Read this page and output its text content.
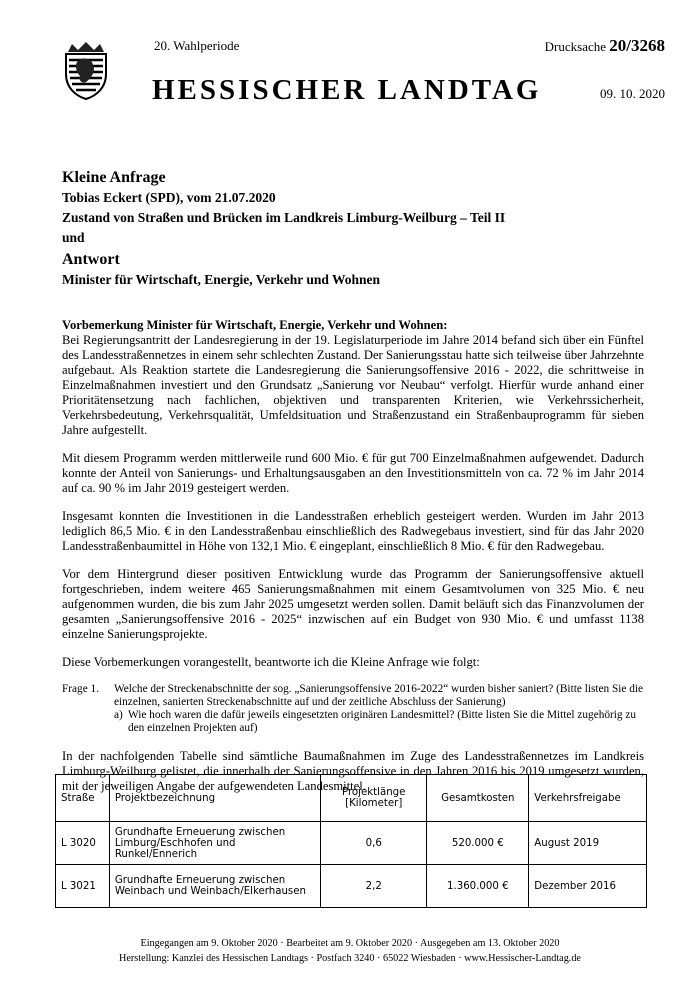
20. Wahlperiode	Drucksache 20/3268
HESSISCHER LANDTAG	09. 10. 2020
Kleine Anfrage
Tobias Eckert (SPD), vom 21.07.2020
Zustand von Straßen und Brücken im Landkreis Limburg-Weilburg – Teil II
und
Antwort
Minister für Wirtschaft, Energie, Verkehr und Wohnen

Vorbemerkung Minister für Wirtschaft, Energie, Verkehr und Wohnen:
Bei Regierungsantritt der Landesregierung in der 19. Legislaturperiode im Jahre 2014 befand sich über ein Fünftel des Landesstraßennetzes in einem sehr schlechten Zustand. Der Sanierungsstau hatte sich teilweise über Jahrzehnte aufgebaut. Als Reaktion startete die Landesregierung die Sanierungsoffensive 2016 - 2022, die schrittweise in Einzelmaßnahmen investiert und den Grundsatz „Sanierung vor Neubau“ verfolgt. Hierfür wurde anhand einer Prioritätensetzung nach fachlichen, objektiven und transparenten Kriterien, wie Verkehrssicherheit, Verkehrsbedeutung, Verkehrsqualität, Umfeldsituation und Straßenzustand ein Straßenbauprogramm für sieben Jahre aufgestellt.

Mit diesem Programm werden mittlerweile rund 600 Mio. € für gut 700 Einzelmaßnahmen aufgewendet. Dadurch konnte der Anteil von Sanierungs- und Erhaltungsausgaben an den Investitionsmitteln von ca. 72 % im Jahr 2014 auf ca. 90 % im Jahr 2019 gesteigert werden.

Insgesamt konnten die Investitionen in die Landesstraßen erheblich gesteigert werden. Wurden im Jahr 2013 lediglich 86,5 Mio. € in den Landesstraßenbau einschließlich des Radwegebaus investiert, sind für das Jahr 2020 Landesstraßenbaumittel in Höhe von 132,1 Mio. € eingeplant, einschließlich 8 Mio. € für den Radwegebau.

Vor dem Hintergrund dieser positiven Entwicklung wurde das Programm der Sanierungsoffensive aktuell fortgeschrieben, indem weitere 465 Sanierungsmaßnahmen mit einem Gesamtvolumen von 325 Mio. € neu aufgenommen wurden, die bis zum Jahr 2025 umgesetzt werden sollen. Damit beläuft sich das Finanzvolumen der gesamten „Sanierungsoffensive 2016 - 2025“ inzwischen auf ein Budget von 930 Mio. € und umfasst 1138 einzelne Sanierungsprojekte.

Diese Vorbemerkungen vorangestellt, beantworte ich die Kleine Anfrage wie folgt:

Frage 1.	Welche der Streckenabschnitte der sog. „Sanierungsoffensive 2016-2022“ wurden bisher saniert? (Bitte listen Sie die einzelnen, sanierten Streckenabschnitte auf und der zeitliche Abschluss der Sanierung)
a) Wie hoch waren die dafür jeweils eingesetzten originären Landesmittel? (Bitte listen Sie die Mittel zugehörig zu den einzelnen Projekten auf)

In der nachfolgenden Tabelle sind sämtliche Baumaßnahmen im Zuge des Landesstraßennetzes im Landkreis Limburg-Weilburg gelistet, die innerhalb der Sanierungsoffensive in den Jahren 2016 bis 2019 umgesetzt wurden, mit der jeweiligen Angabe der aufgewendeten Landesmittel.

Straße	Projektbezeichnung	Projektlänge [Kilometer]	Gesamtkosten	Verkehrsfreigabe
L 3020	Grundhafte Erneuerung zwischen Limburg/Eschhofen und Runkel/Ennerich	0,6	520.000 €	August 2019
L 3021	Grundhafte Erneuerung zwischen Weinbach und Weinbach/Elkerhausen	2,2	1.360.000 €	Dezember 2016
Eingegangen am 9. Oktober 2020 · Bearbeitet am 9. Oktober 2020 · Ausgegeben am 13. Oktober 2020
Herstellung: Kanzlei des Hessischen Landtags · Postfach 3240 · 65022 Wiesbaden · www.Hessischer-Landtag.de
